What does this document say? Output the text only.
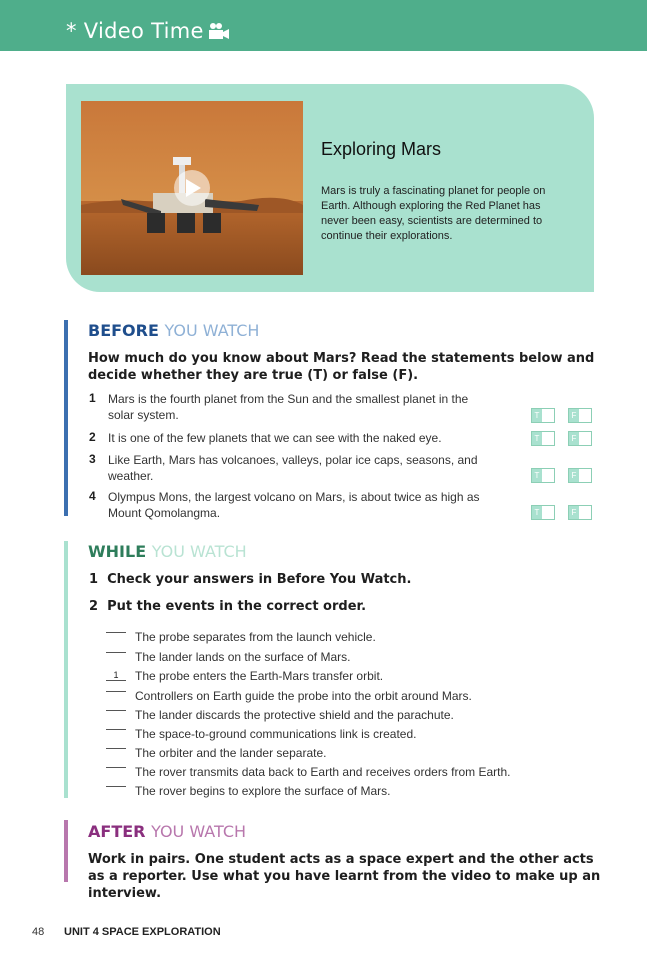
* Video Time
Exploring Mars
Mars is truly a fascinating planet for people on Earth. Although exploring the Red Planet has never been easy, scientists are determined to continue their explorations.
BEFORE YOU WATCH
How much do you know about Mars? Read the statements below and decide whether they are true (T) or false (F).
1 Mars is the fourth planet from the Sun and the smallest planet in the solar system.	T	F
2 It is one of the few planets that we can see with the naked eye.	T	F
3 Like Earth, Mars has volcanoes, valleys, polar ice caps, seasons, and weather.	T	F
4 Olympus Mons, the largest volcano on Mars, is about twice as high as Mount Qomolangma.	T	F
WHILE YOU WATCH
1 Check your answers in Before You Watch.
2 Put the events in the correct order.
The probe separates from the launch vehicle.
The lander lands on the surface of Mars.
1	The probe enters the Earth-Mars transfer orbit.
Controllers on Earth guide the probe into the orbit around Mars.
The lander discards the protective shield and the parachute.
The space-to-ground communications link is created.
The orbiter and the lander separate.
The rover transmits data back to Earth and receives orders from Earth.
The rover begins to explore the surface of Mars.
AFTER YOU WATCH
Work in pairs. One student acts as a space expert and the other acts as a reporter. Use what you have learnt from the video to make up an interview.
48 UNIT 4 SPACE EXPLORATION
